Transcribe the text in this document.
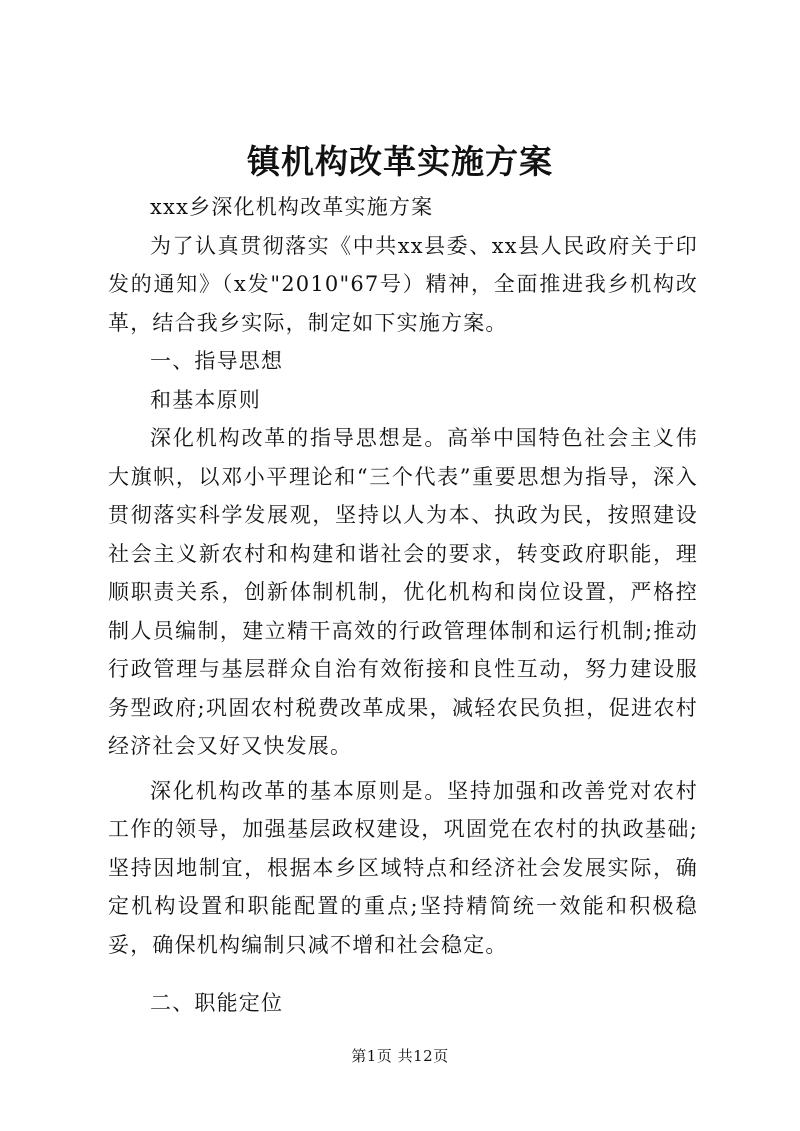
镇机构改革实施方案

xxx乡深化机构改革实施方案

为了认真贯彻落实《中共xx县委、xx县人民政府关于印发的通知》（x发"2010"67号）精神，全面推进我乡机构改革，结合我乡实际，制定如下实施方案。

一、指导思想

和基本原则

深化机构改革的指导思想是。高举中国特色社会主义伟大旗帜，以邓小平理论和“三个代表”重要思想为指导，深入贯彻落实科学发展观，坚持以人为本、执政为民，按照建设社会主义新农村和构建和谐社会的要求，转变政府职能，理顺职责关系，创新体制机制，优化机构和岗位设置，严格控制人员编制，建立精干高效的行政管理体制和运行机制;推动行政管理与基层群众自治有效衔接和良性互动，努力建设服务型政府;巩固农村税费改革成果，减轻农民负担，促进农村经济社会又好又快发展。

深化机构改革的基本原则是。坚持加强和改善党对农村工作的领导，加强基层政权建设，巩固党在农村的执政基础;坚持因地制宜，根据本乡区域特点和经济社会发展实际，确定机构设置和职能配置的重点;坚持精简统一效能和积极稳妥，确保机构编制只减不增和社会稳定。

二、职能定位

第1页 共12页
